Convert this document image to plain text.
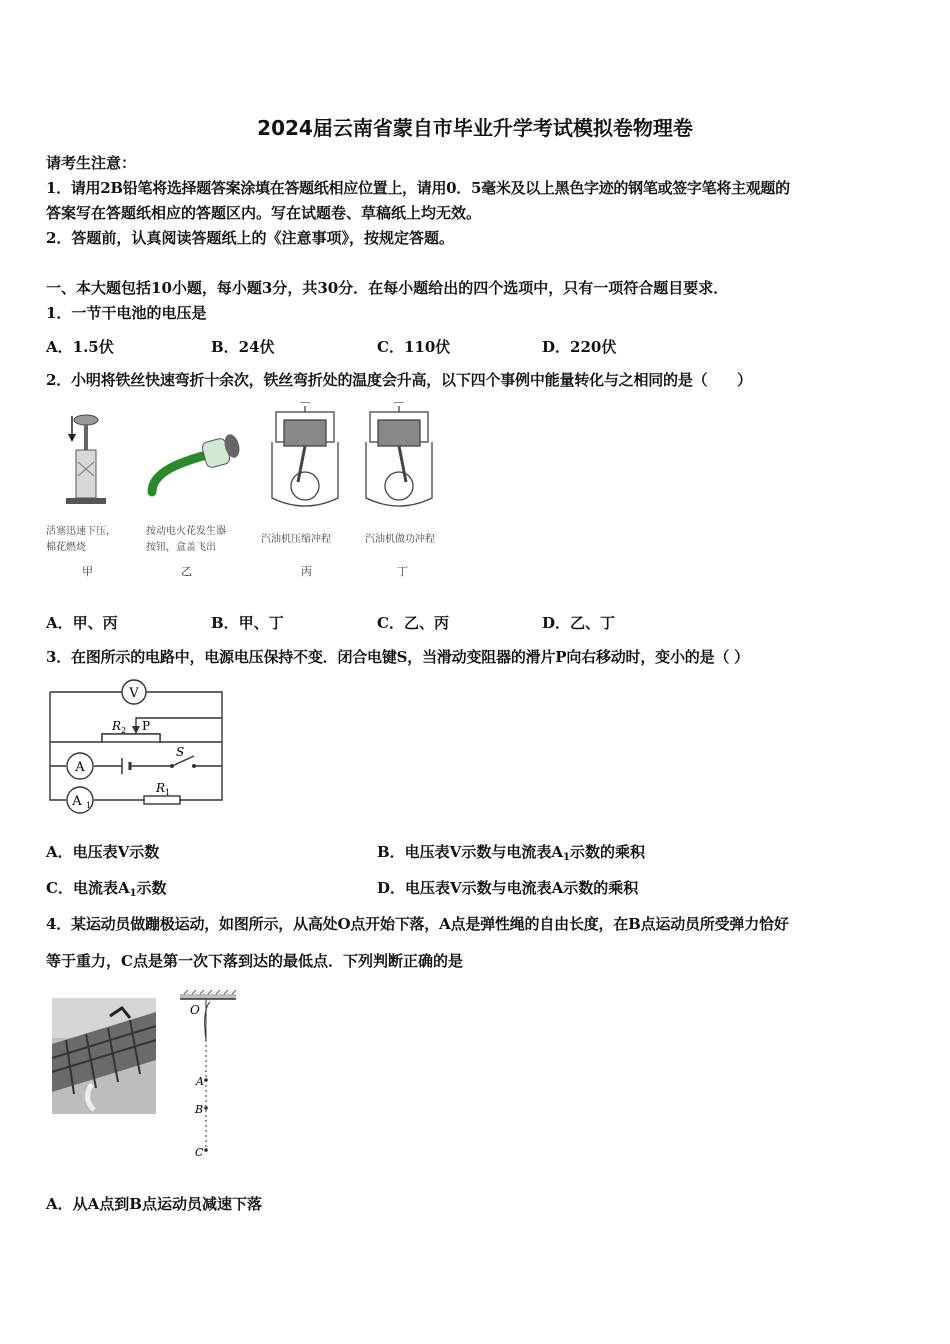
2024届云南省蒙自市毕业升学考试模拟卷物理卷
请考生注意：
1．请用2B铅笔将选择题答案涂填在答题纸相应位置上，请用0．5毫米及以上黑色字迹的钢笔或签字笔将主观题的
答案写在答题纸相应的答题区内。写在试题卷、草稿纸上均无效。
2．答题前，认真阅读答题纸上的《注意事项》，按规定答题。
一、本大题包括10小题，每小题3分，共30分．在每小题给出的四个选项中，只有一项符合题目要求．
1．一节干电池的电压是
A．1.5伏	B．24伏	C．110伏	D．220伏
2．小明将铁丝快速弯折十余次，铁丝弯折处的温度会升高，以下四个事例中能量转化与之相同的是（　　）
活塞迅速下压，
棉花燃烧
按动电火花发生器
按钮，盒盖飞出
汽油机压缩冲程	汽油机做功冲程
甲	乙	丙	丁
A．甲、丙	B．甲、丁	C．乙、丙	D．乙、丁
3．在图所示的电路中，电源电压保持不变．闭合电键S，当滑动变阻器的滑片P向右移动时，变小的是（ ）
V
A
A 1
R 2 P
S
R 1
A．电压表V示数	B．电压表V示数与电流表$A_1$示数的乘积
C．电流表$A_1$示数	D．电压表V示数与电流表A示数的乘积
4．某运动员做蹦极运动，如图所示，从高处O点开始下落，A点是弹性绳的自由长度，在B点运动员所受弹力恰好
等于重力，C点是第一次下落到达的最低点．下列判断正确的是
O
A
B
C
A．从A点到B点运动员减速下落
